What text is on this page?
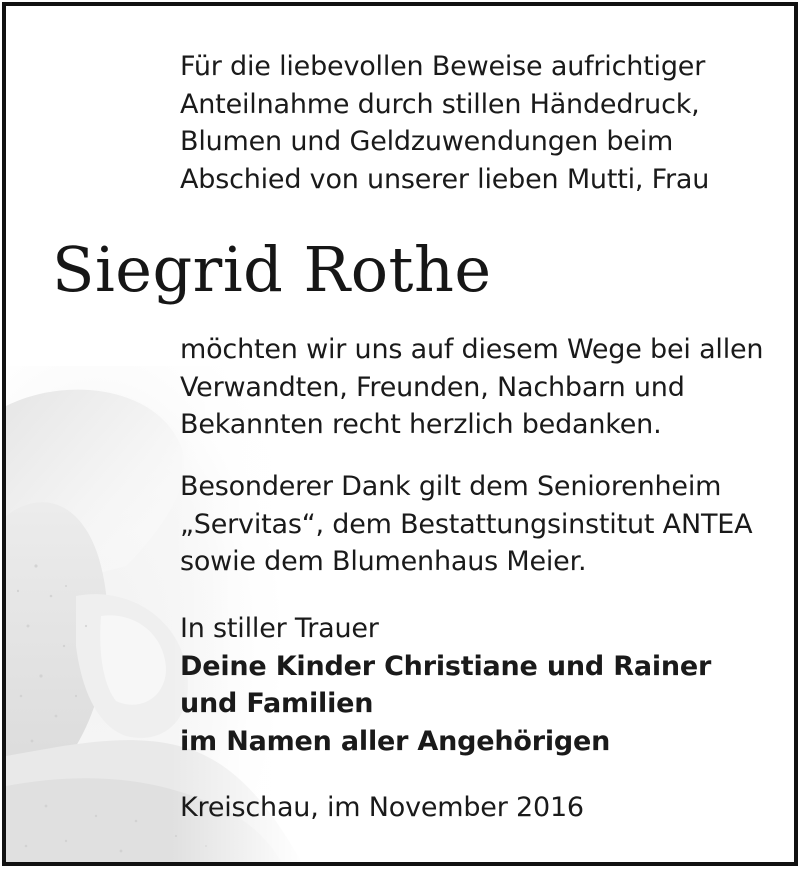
Für die liebevollen Beweise aufrichtiger
Anteilnahme durch stillen Händedruck,
Blumen und Geldzuwendungen beim
Abschied von unserer lieben Mutti, Frau
Siegrid Rothe
möchten wir uns auf diesem Wege bei allen
Verwandten, Freunden, Nachbarn und
Bekannten recht herzlich bedanken.
Besonderer Dank gilt dem Seniorenheim
„Servitas“, dem Bestattungsinstitut ANTEA
sowie dem Blumenhaus Meier.
In stiller Trauer
Deine Kinder Christiane und Rainer
und Familien
im Namen aller Angehörigen
Kreischau, im November 2016
